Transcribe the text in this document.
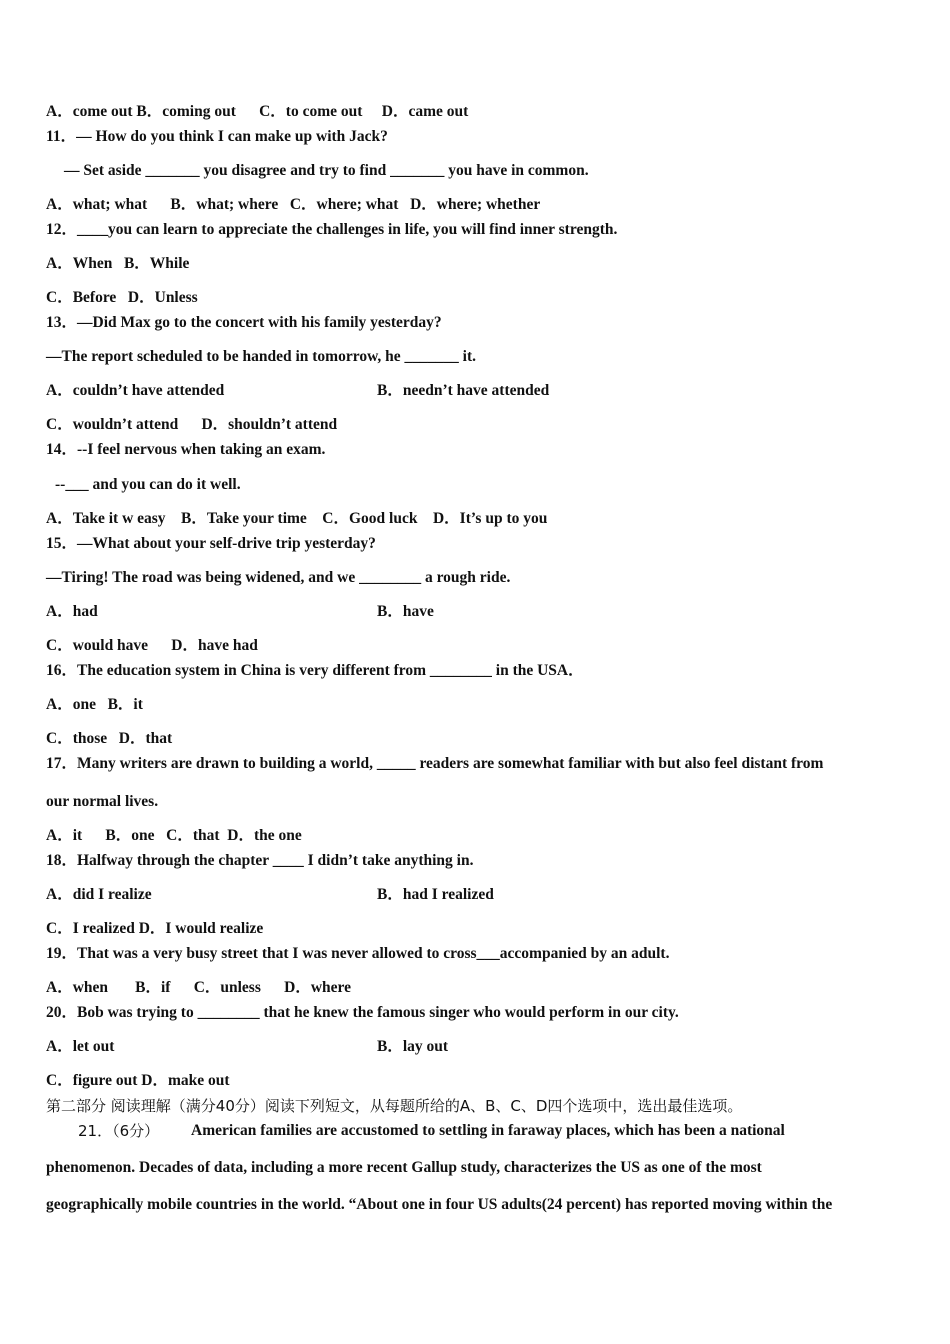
A．come out B．coming out      C．to come out     D．came out
11．— How do you think I can make up with Jack?
— Set aside _______ you disagree and try to find _______ you have in common.
A．what; what      B．what; where   C．where; what   D．where; whether
12．____you can learn to appreciate the challenges in life, you will find inner strength.
A．When   B．While
C．Before   D．Unless
13．—Did Max go to the concert with his family yesterday?
—The report scheduled to be handed in tomorrow, he _______ it.
A．couldn’t have attended	B．needn’t have attended
C．wouldn’t attend      D．shouldn’t attend
14．--I feel nervous when taking an exam.
--___ and you can do it well.
A．Take it w easy    B．Take your time    C．Good luck    D．It’s up to you
15．—What about your self-drive trip yesterday?
—Tiring! The road was being widened, and we ________ a rough ride.
A．had	B．have
C．would have      D．have had
16．The education system in China is very different from ________ in the USA．
A．one   B．it
C．those   D．that
17．Many writers are drawn to building a world, _____ readers are somewhat familiar with but also feel distant from
our normal lives.
A．it      B．one   C．that  D．the one
18．Halfway through the chapter ____ I didn’t take anything in.
A．did I realize	B．had I realized
C．I realized D．I would realize
19．That was a very busy street that I was never allowed to cross___accompanied by an adult.
A．when       B．if      C．unless      D．where
20．Bob was trying to ________ that he knew the famous singer who would perform in our city.
A．let out	B．lay out
C．figure out D．make out
第二部分 阅读理解（满分40分）阅读下列短文，从每题所给的A、B、C、D四个选项中，选出最佳选项。
21．（6分） American families are accustomed to settling in faraway places, which has been a national
phenomenon. Decades of data, including a more recent Gallup study, characterizes the US as one of the most
geographically mobile countries in the world. “About one in four US adults(24 percent) has reported moving within the
